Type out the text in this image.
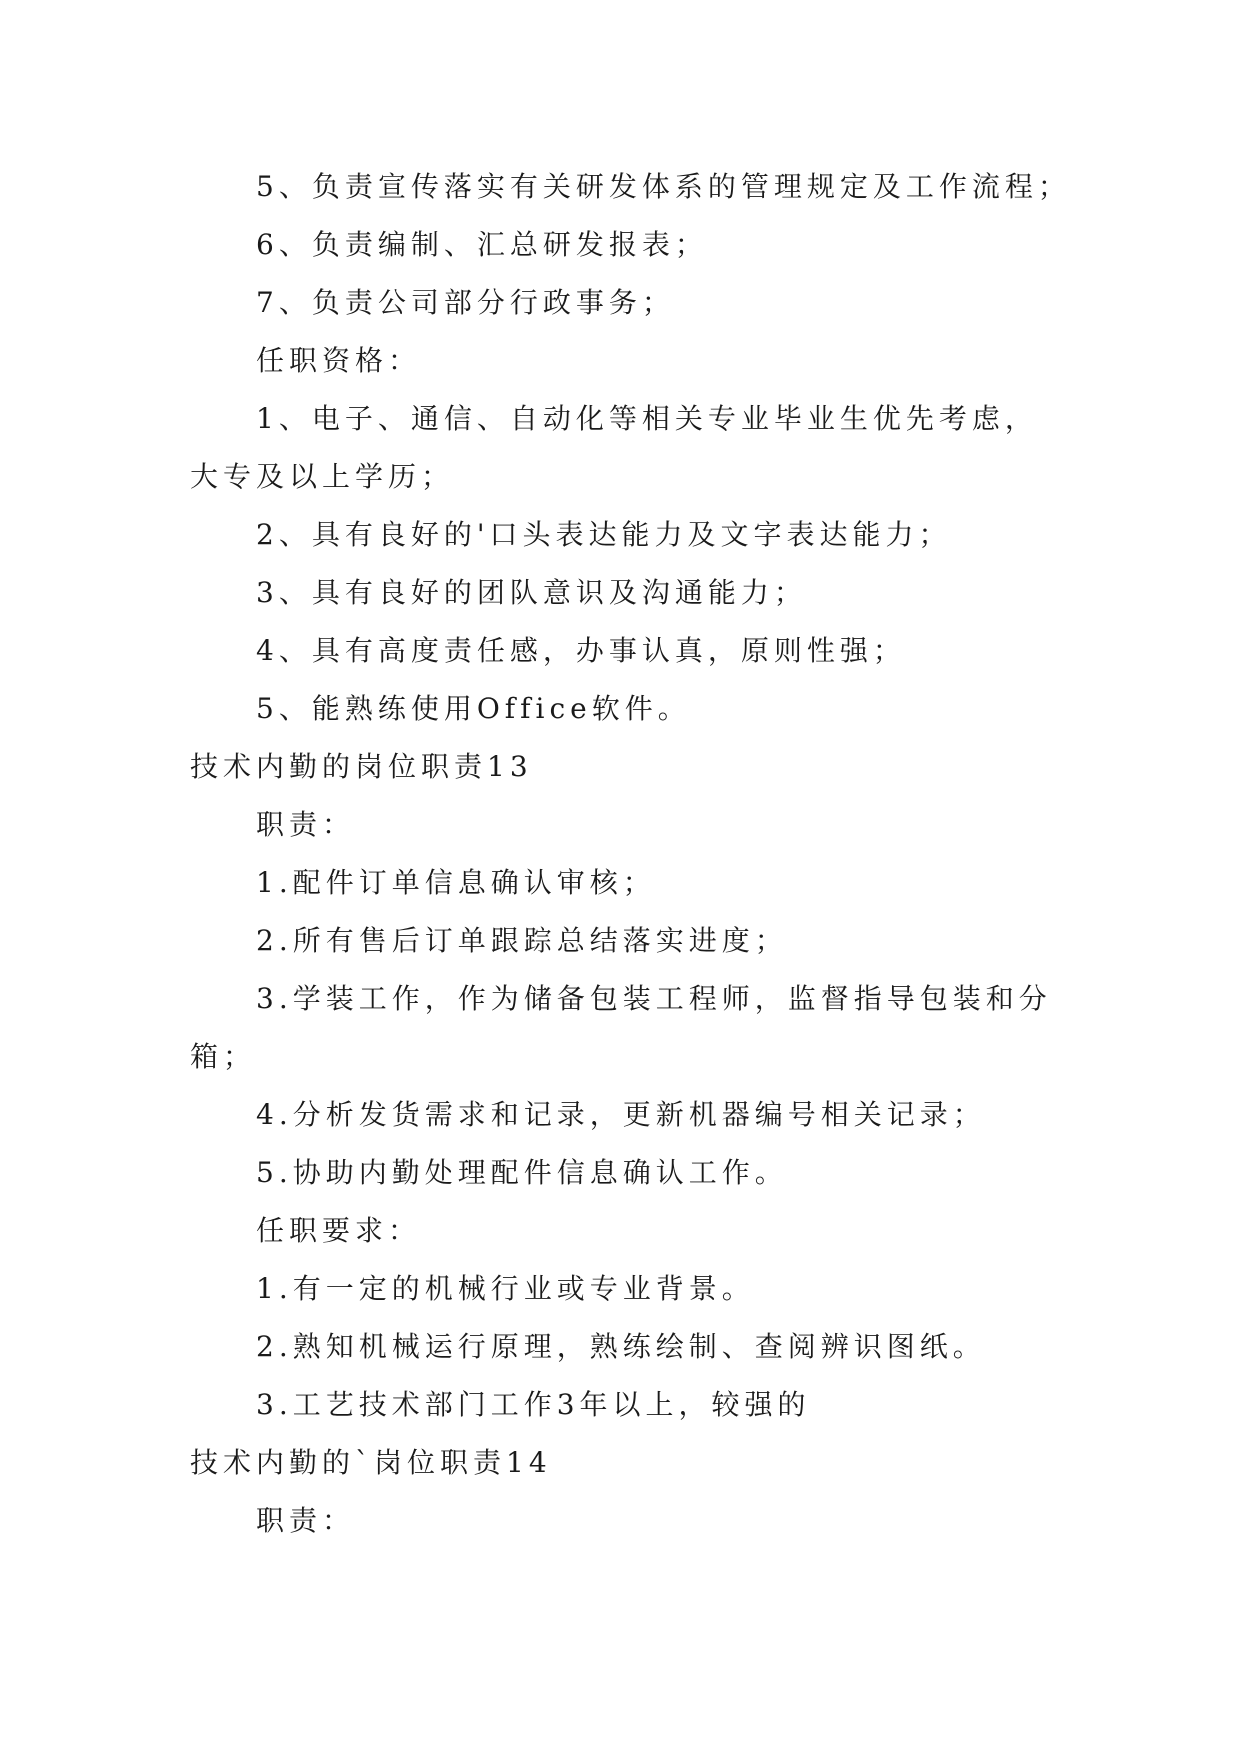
5、负责宣传落实有关研发体系的管理规定及工作流程；
6、负责编制、汇总研发报表；
7、负责公司部分行政事务；
任职资格：
1、电子、通信、自动化等相关专业毕业生优先考虑，
大专及以上学历；
2、具有良好的'口头表达能力及文字表达能力；
3、具有良好的团队意识及沟通能力；
4、具有高度责任感，办事认真，原则性强；
5、能熟练使用Office软件。
技术内勤的岗位职责13
职责：
1.配件订单信息确认审核；
2.所有售后订单跟踪总结落实进度；
3.学装工作，作为储备包装工程师，监督指导包装和分
箱；
4.分析发货需求和记录，更新机器编号相关记录；
5.协助内勤处理配件信息确认工作。
任职要求：
1.有一定的机械行业或专业背景。
2.熟知机械运行原理，熟练绘制、查阅辨识图纸。
3.工艺技术部门工作3年以上，较强的
技术内勤的`岗位职责14
职责：
